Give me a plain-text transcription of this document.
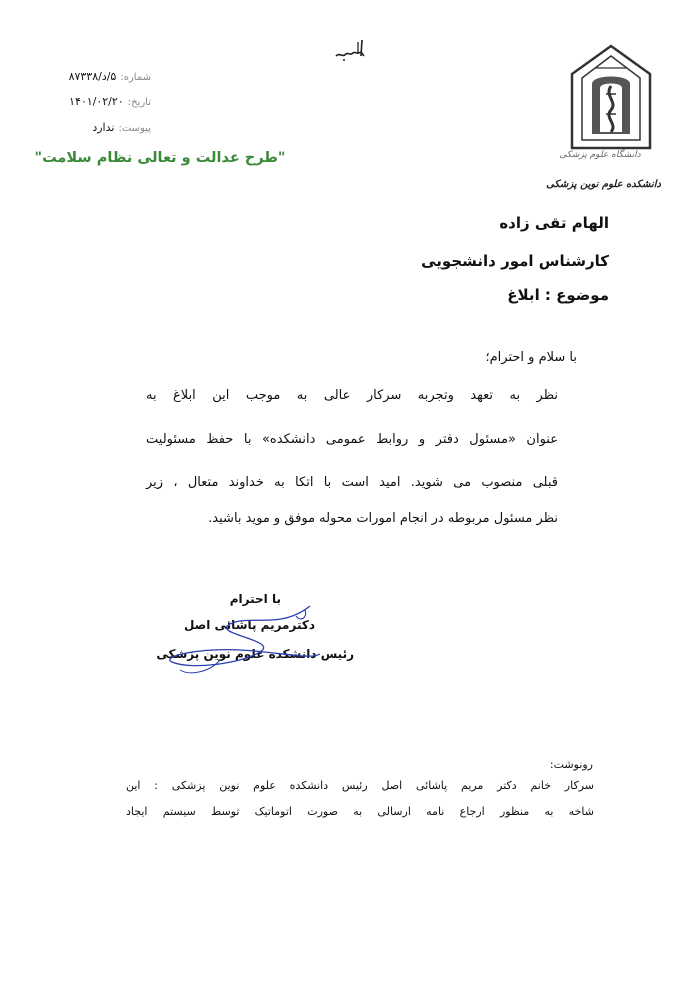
شماره:۵/د/۸۷۳۳۸
تاریخ:۱۴۰۱/۰۲/۲۰
پیوست:ندارد
"طرح عدالت و تعالی نظام سلامت"	دانشگاه علوم پزشکی
دانشکده علوم نوین پزشکی
الهام تقی زاده
کارشناس امور دانشجویی
موضوع : ابلاغ
با سلام و احترام؛
نظر به تعهد وتجربه سرکار عالی به موجب این ابلاغ به
عنوان «مسئول دفتر و روابط عمومی دانشکده» با حفظ مسئولیت
قبلی منصوب می شوید. امید است با اتکا به خداوند متعال ، زیر
نظر مسئول مربوطه در انجام امورات محوله موفق و موید باشید.
با احترام
دکترمریم پاشائی اصل
رئیس دانشکده علوم نوین پزشکی
رونوشت:
سرکار خانم دکتر مریم پاشائی اصل رئیس دانشکده علوم نوین پزشکی : این
شاخه به منظور ارجاع نامه ارسالی به صورت اتوماتیک توسط سیستم ایجاد
